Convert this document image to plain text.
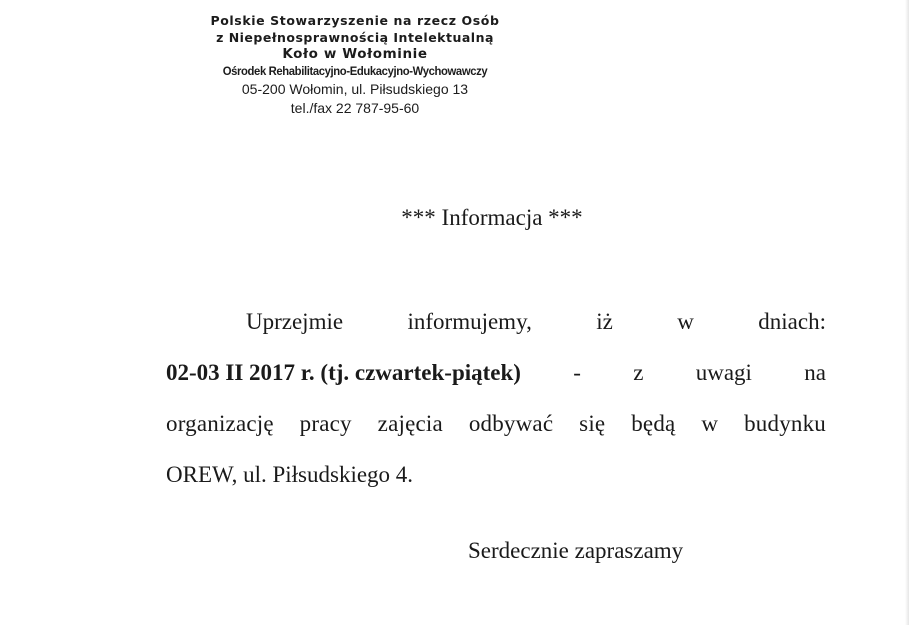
Polskie Stowarzyszenie na rzecz Osób
z Niepełnosprawnością Intelektualną
Koło w Wołominie
Ośrodek Rehabilitacyjno-Edukacyjno-Wychowawczy
05-200 Wołomin, ul. Piłsudskiego 13
tel./fax 22 787-95-60
*** Informacja ***
Uprzejmie	informujemy,	iż	w	dniach:
02-03 II 2017 r. (tj. czwartek-piątek) - z uwagi na
organizację pracy zajęcia odbywać się będą w budynku
OREW, ul. Piłsudskiego 4.
Serdecznie zapraszamy
